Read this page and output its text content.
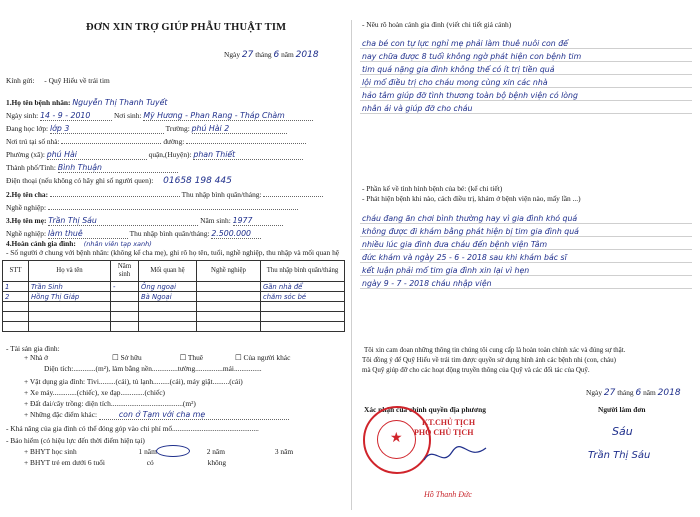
ĐƠN XIN TRỢ GIÚP PHẪU THUẬT TIM
Ngày 27 tháng 6 năm 2018
Kính gửi: - Quỹ Hiểu về trái tim
1.Họ tên bệnh nhân: Nguyễn Thị Thanh Tuyết
Ngày sinh: 14 - 9 - 2010	Nơi sinh: Mỹ Hương - Phan Rang - Tháp Chàm
Đang học lớp: lớp 3	Trường: phú Hài 2
Nơi trú tại số nhà:	đường:
Phường (xã): phú Hài	quận,(Huyện): phan Thiết
Thành phố/Tỉnh: Bình Thuận
Điện thoại (nếu không có hãy ghi số người quen): 01658 198 445
2.Họ tên cha:	Thu nhập bình quân/tháng:
Nghề nghiệp:
3.Họ tên mẹ: Trần Thị Sáu	Năm sinh: 1977
Nghề nghiệp: làm thuê	Thu nhập bình quân/tháng: 2.500.000
4.Hoàn cảnh gia đình: (nhân viên tạp xanh)
- Số người ở chung với bệnh nhân: (không kể cha mẹ), ghi rõ họ tên, tuổi, nghề nghiệp, thu nhập và mối quan hệ
STT	Họ và tên	Năm sinh	Mối quan hệ	Nghề nghiệp	Thu nhập bình quân/tháng
1	Trần Sinh	-	Ông ngoại		Gần nhà để
2	Hồng Thị Giáp		Bà Ngoại		chăm sóc bé

- Tài sản gia đình:
+ Nhà ở	☐ Sở hữu	☐ Thuê	☐ Của người khác
Diện tích:............(m²), làm bằng nền..............tường...............mái...............
+ Vật dụng gia đình: Tivi.........(cái), tủ lạnh.........(cái), máy giặt.........(cái)
+ Xe máy.............(chiếc), xe đạp.............(chiếc)
+ Đất đai/cây trồng: diện tích.......................................(m²)
+ Những đặc điểm khác:	con ở Tạm với cha mẹ
- Khả năng của gia đình có thể đóng góp vào chi phí mổ...............................................
- Bảo hiểm (có hiệu lực đến thời điểm hiện tại)
+ BHYT học sinh	1 năm	2 năm	3 năm
+ BHYT trẻ em dưới 6 tuổi	có	không
- Nêu rõ hoàn cảnh gia đình (viết chi tiết giá cảnh)
cha bé con tự lực nghỉ mẹ phải làm thuê nuôi con để
nay chữa được 8 tuổi không ngờ phát hiện con bệnh tim
tim quá nặng gia đình không thể có ít trị tiền quả
lội mổ điều trị cho cháu mong cùng xin các nhà
hảo tâm giúp đỡ tình thương toàn bộ bệnh viện có lòng
nhân ái và giúp đỡ cho cháu
- Phần kể về tình hình bệnh của bé: (kể chi tiết)
- Phát hiện bệnh khi nào, cách điều trị, khám ở bệnh viện nào, mấy lần ...)
cháu đang ăn chơi bình thường hay vì gia đình khó quá
không được đi khám bằng phát hiện bị tim gia đình quá
nhiều lúc gia đình đưa cháu đến bệnh viện Tâm
đức khám và ngày 25 - 6 - 2018 sau khi khám bác sĩ
kết luận phải mổ tim gia đình xin lại vì hẹn
ngày 9 - 7 - 2018 cháu nhập viện
Tôi xin cam đoan những thông tin chúng tôi cung cấp là hoàn toàn chính xác và đúng sự thật.
Tôi đồng ý để Quỹ Hiểu về trái tim được quyền sử dụng hình ảnh các bệnh nhi (con, cháu)
mà Quỹ giúp đỡ cho các hoạt động truyền thông của Quỹ và các đối tác của Quỹ.
Ngày 27 tháng 6 năm 2018
Xác nhận của chính quyền địa phương	Người làm đơn
★
KT.CHỦ TỊCH
PHÓ CHỦ TỊCH
Hồ Thanh Đức
Sáu
Trần Thị Sáu
